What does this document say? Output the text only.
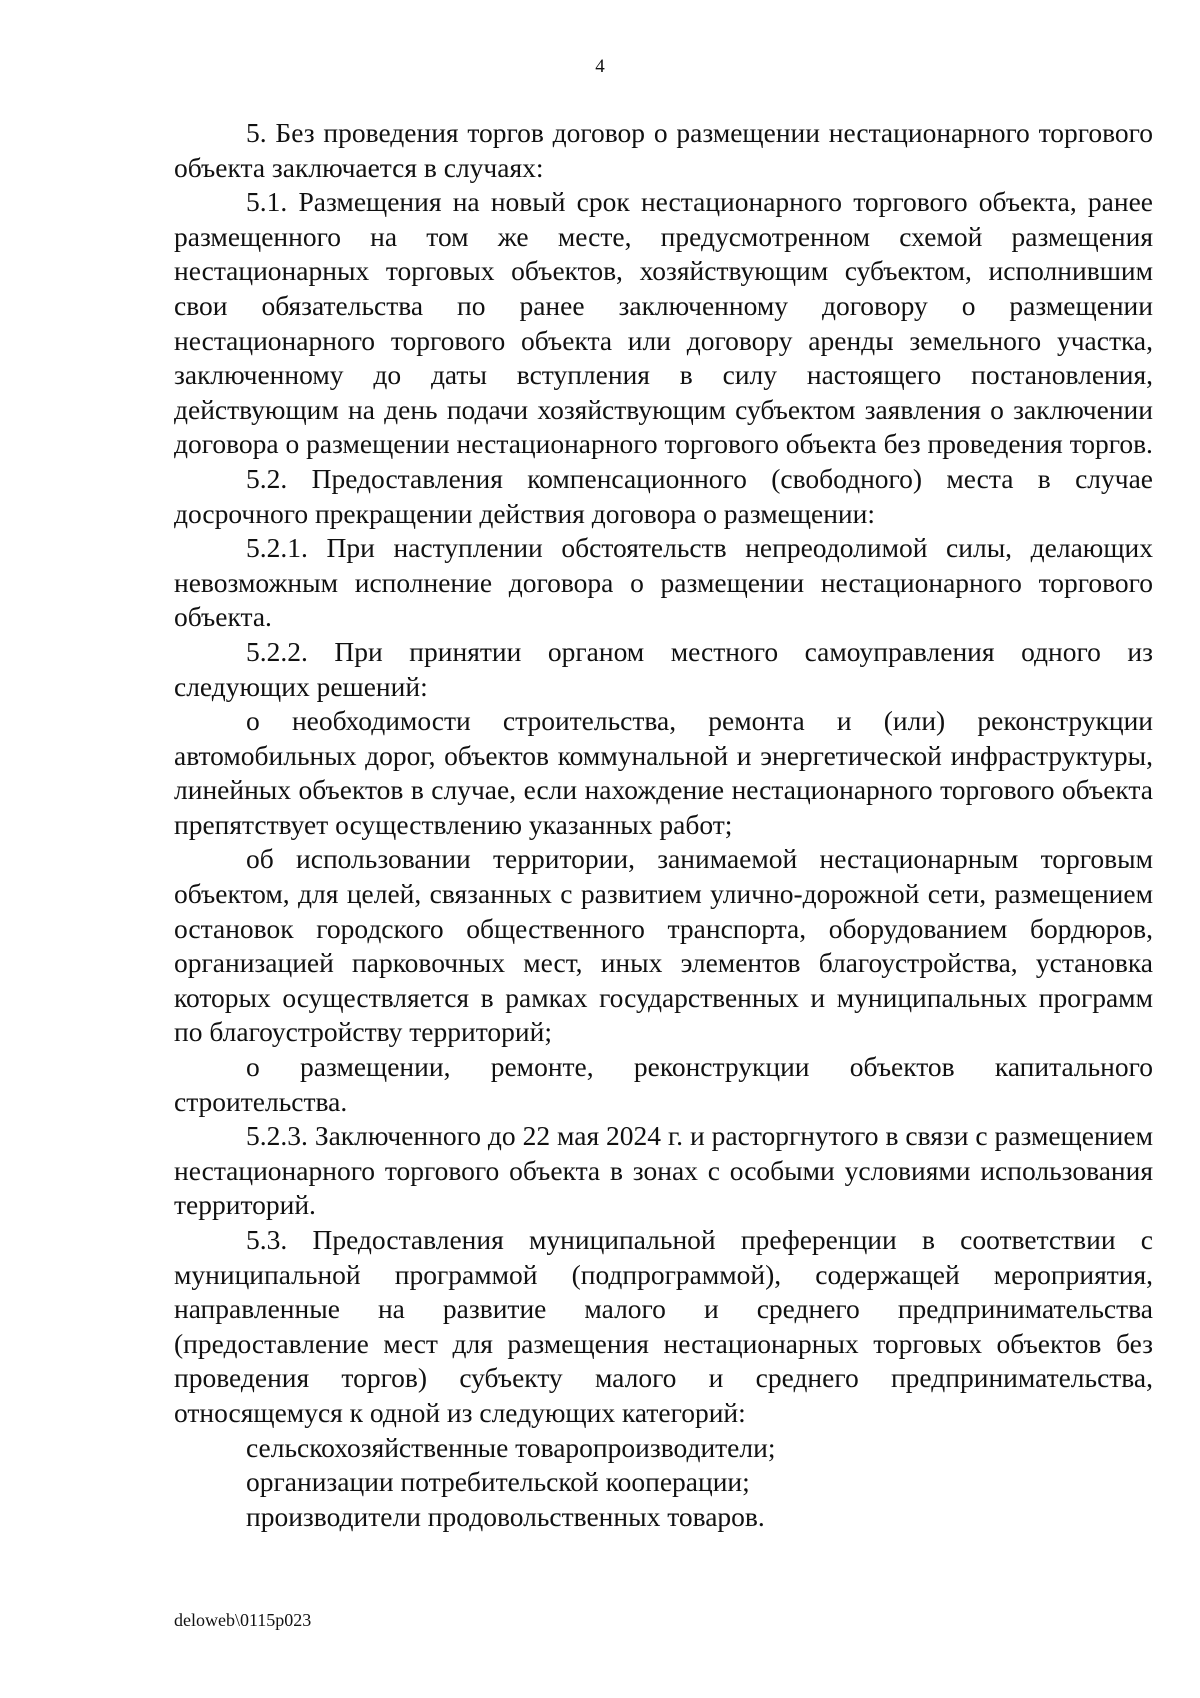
4

5. Без проведения торгов договор о размещении нестационарного торгового объекта заключается в случаях:

5.1. Размещения на новый срок нестационарного торгового объекта, ранее размещенного на том же месте, предусмотренном схемой размещения нестационарных торговых объектов, хозяйствующим субъектом, исполнившим свои обязательства по ранее заключенному договору о размещении нестационарного торгового объекта или договору аренды земельного участка, заключенному до даты вступления в силу настоящего постановления, действующим на день подачи хозяйствующим субъектом заявления о заключении договора о размещении нестационарного торгового объекта без проведения торгов.

5.2. Предоставления компенсационного (свободного) места в случае досрочного прекращении действия договора о размещении:

5.2.1. При наступлении обстоятельств непреодолимой силы, делающих невозможным исполнение договора о размещении нестационарного торгового объекта.

5.2.2. При принятии органом местного самоуправления одного из следующих решений:

о необходимости строительства, ремонта и (или) реконструкции автомобильных дорог, объектов коммунальной и энергетической инфраструктуры, линейных объектов в случае, если нахождение нестационарного торгового объекта препятствует осуществлению указанных работ;

об использовании территории, занимаемой нестационарным торговым объектом, для целей, связанных с развитием улично-дорожной сети, размещением остановок городского общественного транспорта, оборудованием бордюров, организацией парковочных мест, иных элементов благоустройства, установка которых осуществляется в рамках государственных и муниципальных программ по благоустройству территорий;

о размещении, ремонте, реконструкции объектов капитального строительства.

5.2.3. Заключенного до 22 мая 2024 г. и расторгнутого в связи с размещением нестационарного торгового объекта в зонах с особыми условиями использования территорий.

5.3. Предоставления муниципальной преференции в соответствии с муниципальной программой (подпрограммой), содержащей мероприятия, направленные на развитие малого и среднего предпринимательства (предоставление мест для размещения нестационарных торговых объектов без проведения торгов) субъекту малого и среднего предпринимательства, относящемуся к одной из следующих категорий:

сельскохозяйственные товаропроизводители;

организации потребительской кооперации;

производители продовольственных товаров.

deloweb\0115p023
